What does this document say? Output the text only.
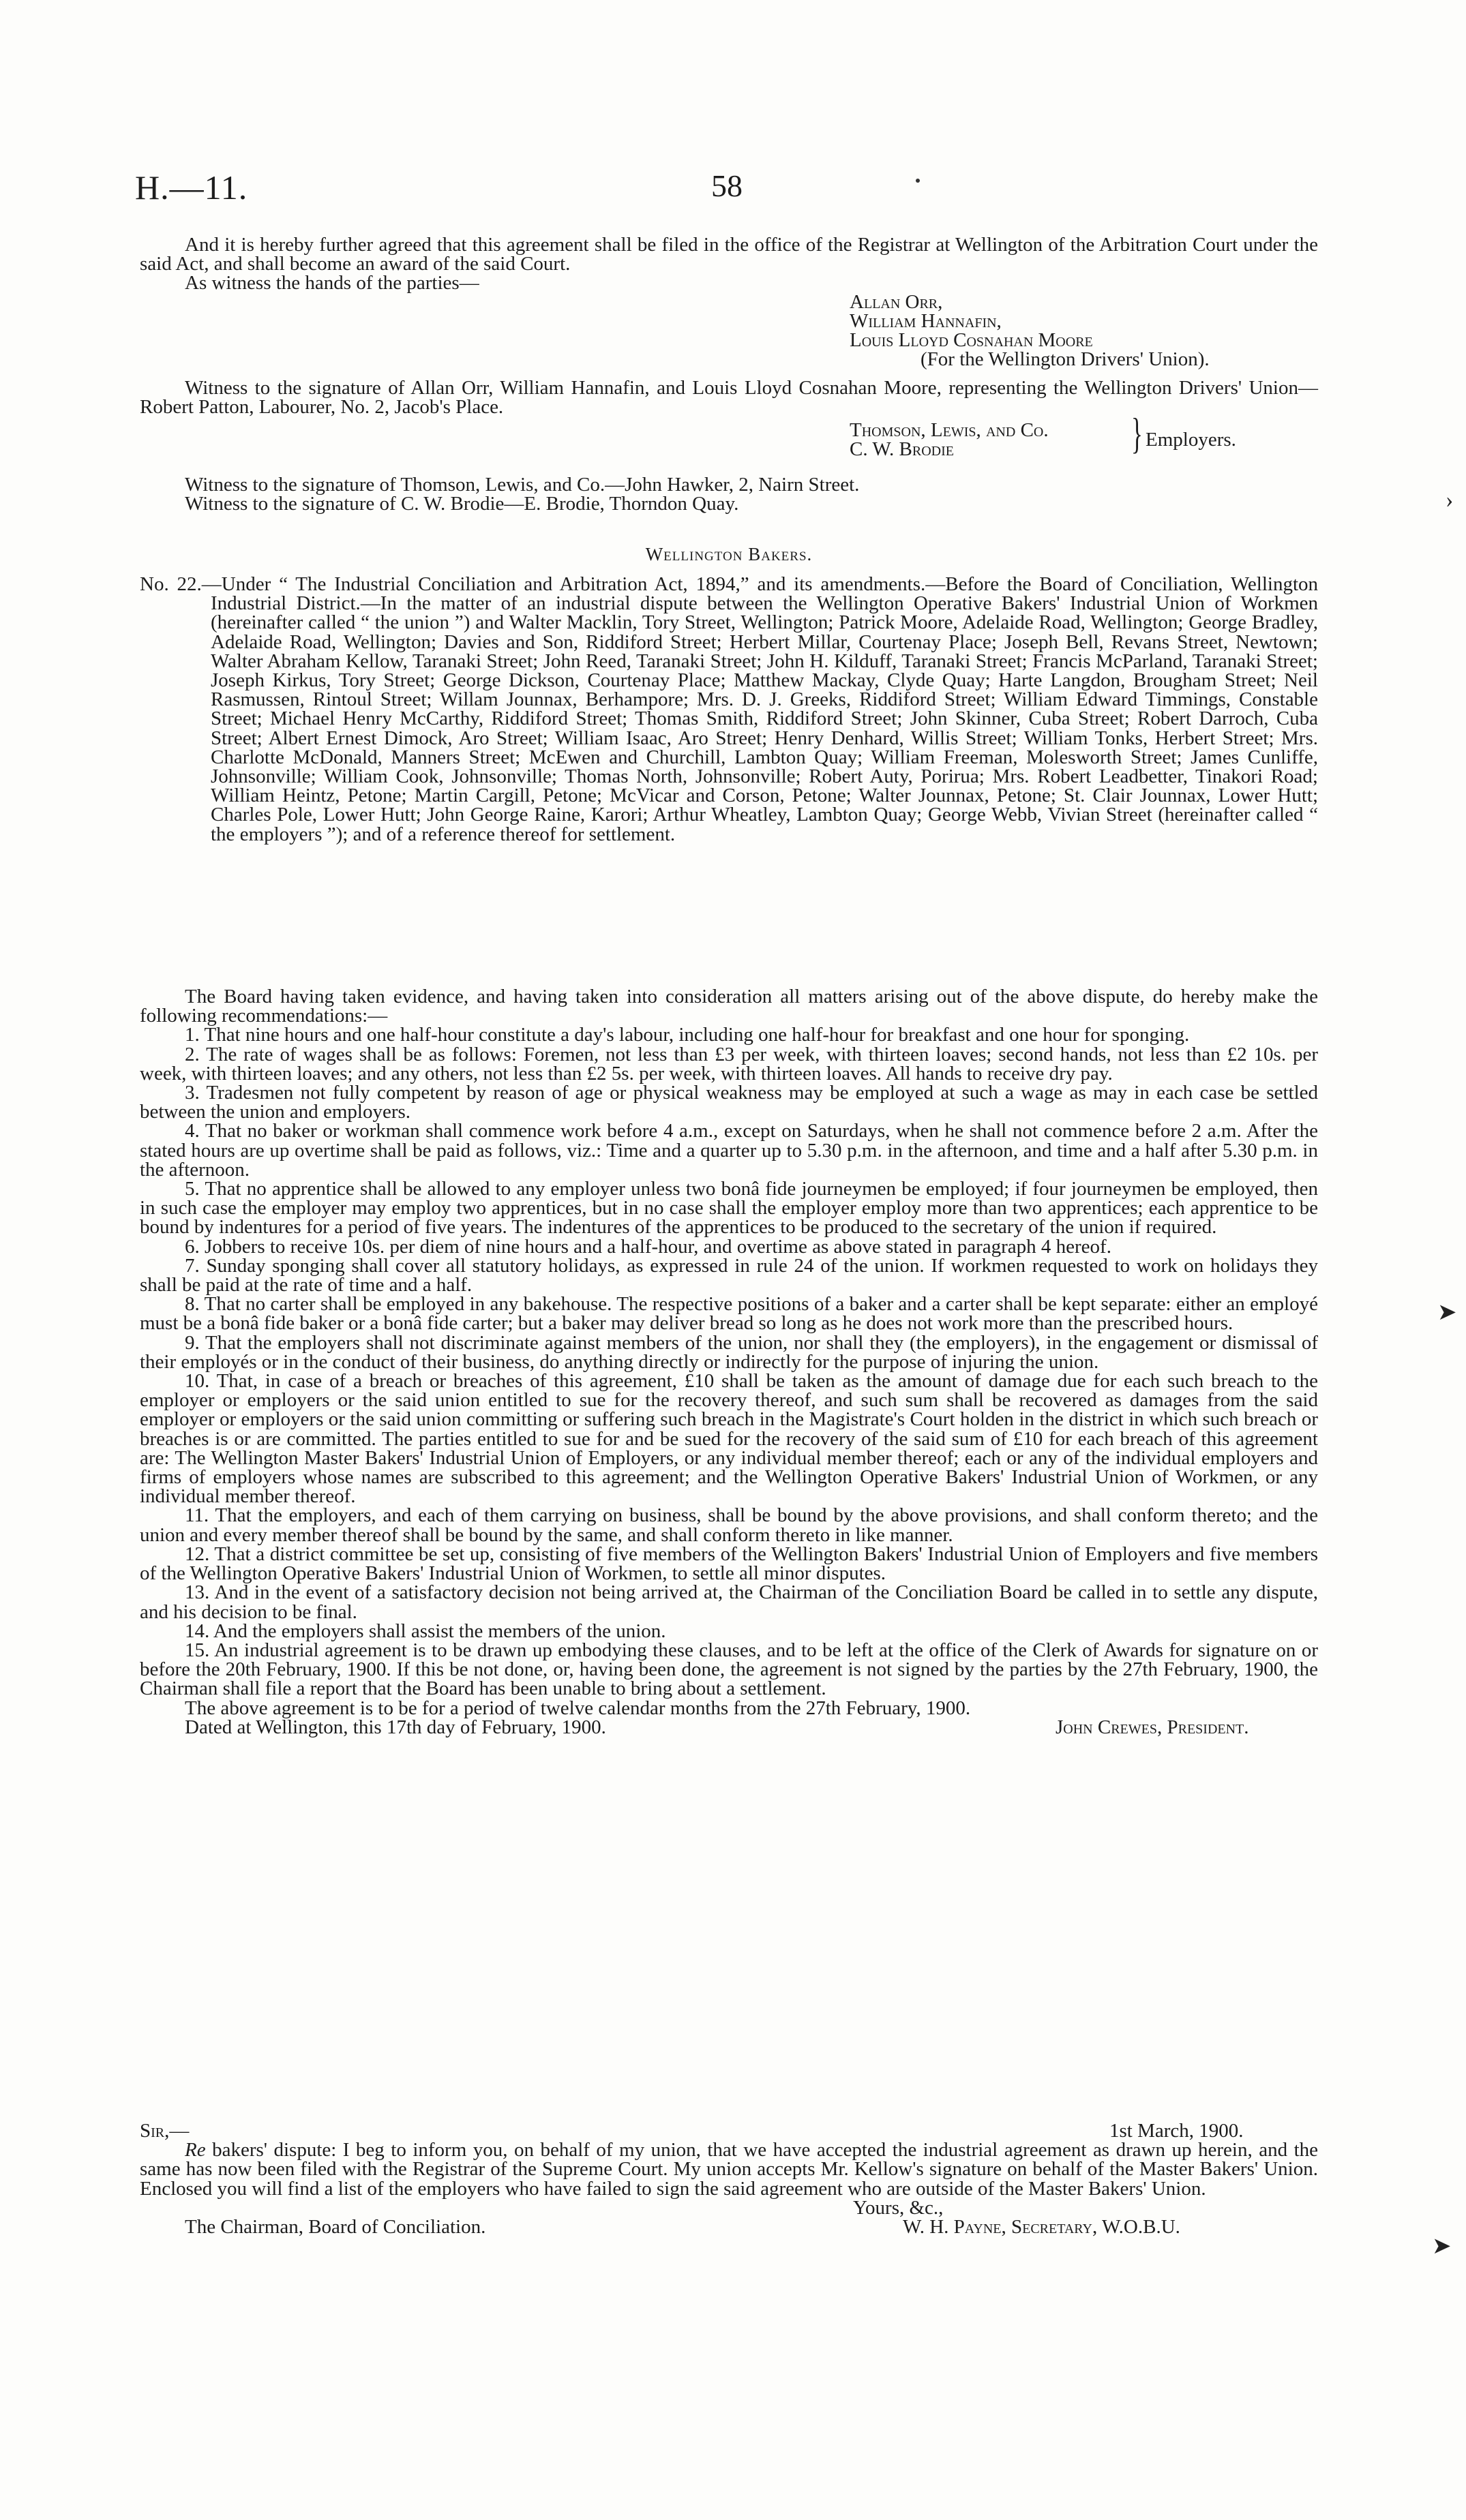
H.—11.	58

And it is hereby further agreed that this agreement shall be filed in the office of the Registrar at Wellington of the Arbitration Court under the said Act, and shall become an award of the said Court.

As witness the hands of the parties—

Allan Orr,
William Hannafin,
Louis Lloyd Cosnahan Moore
(For the Wellington Drivers' Union).

Witness to the signature of Allan Orr, William Hannafin, and Louis Lloyd Cosnahan Moore, representing the Wellington Drivers' Union—Robert Patton, Labourer, No. 2, Jacob's Place.

Thomson, Lewis, and Co.
C. W. Brodie	} Employers.

Witness to the signature of Thomson, Lewis, and Co.—John Hawker, 2, Nairn Street.

Witness to the signature of C. W. Brodie—E. Brodie, Thorndon Quay.

Wellington Bakers.

No. 22.—Under “ The Industrial Conciliation and Arbitration Act, 1894,” and its amendments.—Before the Board of Conciliation, Wellington Industrial District.—In the matter of an industrial dispute between the Wellington Operative Bakers' Industrial Union of Workmen (hereinafter called “ the union ”) and Walter Macklin, Tory Street, Wellington; Patrick Moore, Adelaide Road, Wellington; George Bradley, Adelaide Road, Wellington; Davies and Son, Riddiford Street; Herbert Millar, Courtenay Place; Joseph Bell, Revans Street, Newtown; Walter Abraham Kellow, Taranaki Street; John Reed, Taranaki Street; John H. Kilduff, Taranaki Street; Francis McParland, Taranaki Street; Joseph Kirkus, Tory Street; George Dickson, Courtenay Place; Matthew Mackay, Clyde Quay; Harte Langdon, Brougham Street; Neil Rasmussen, Rintoul Street; Willam Jounnax, Berhampore; Mrs. D. J. Greeks, Riddiford Street; William Edward Timmings, Constable Street; Michael Henry McCarthy, Riddiford Street; Thomas Smith, Riddiford Street; John Skinner, Cuba Street; Robert Darroch, Cuba Street; Albert Ernest Dimock, Aro Street; William Isaac, Aro Street; Henry Denhard, Willis Street; William Tonks, Herbert Street; Mrs. Charlotte McDonald, Manners Street; McEwen and Churchill, Lambton Quay; William Freeman, Molesworth Street; James Cunliffe, Johnsonville; William Cook, Johnsonville; Thomas North, Johnsonville; Robert Auty, Porirua; Mrs. Robert Leadbetter, Tinakori Road; William Heintz, Petone; Martin Cargill, Petone; McVicar and Corson, Petone; Walter Jounnax, Petone; St. Clair Jounnax, Lower Hutt; Charles Pole, Lower Hutt; John George Raine, Karori; Arthur Wheatley, Lambton Quay; George Webb, Vivian Street (hereinafter called “ the employers ”); and of a reference thereof for settlement.

The Board having taken evidence, and having taken into consideration all matters arising out of the above dispute, do hereby make the following recommendations:—

1. That nine hours and one half-hour constitute a day's labour, including one half-hour for breakfast and one hour for sponging.

2. The rate of wages shall be as follows: Foremen, not less than £3 per week, with thirteen loaves; second hands, not less than £2 10s. per week, with thirteen loaves; and any others, not less than £2 5s. per week, with thirteen loaves. All hands to receive dry pay.

3. Tradesmen not fully competent by reason of age or physical weakness may be employed at such a wage as may in each case be settled between the union and employers.

4. That no baker or workman shall commence work before 4 a.m., except on Saturdays, when he shall not commence before 2 a.m. After the stated hours are up overtime shall be paid as follows, viz.: Time and a quarter up to 5.30 p.m. in the afternoon, and time and a half after 5.30 p.m. in the afternoon.

5. That no apprentice shall be allowed to any employer unless two bonâ fide journeymen be employed; if four journeymen be employed, then in such case the employer may employ two apprentices, but in no case shall the employer employ more than two apprentices; each apprentice to be bound by indentures for a period of five years. The indentures of the apprentices to be produced to the secretary of the union if required.

6. Jobbers to receive 10s. per diem of nine hours and a half-hour, and overtime as above stated in paragraph 4 hereof.

7. Sunday sponging shall cover all statutory holidays, as expressed in rule 24 of the union. If workmen requested to work on holidays they shall be paid at the rate of time and a half.

8. That no carter shall be employed in any bakehouse. The respective positions of a baker and a carter shall be kept separate: either an employé must be a bonâ fide baker or a bonâ fide carter; but a baker may deliver bread so long as he does not work more than the prescribed hours.

9. That the employers shall not discriminate against members of the union, nor shall they (the employers), in the engagement or dismissal of their employés or in the conduct of their business, do anything directly or indirectly for the purpose of injuring the union.

10. That, in case of a breach or breaches of this agreement, £10 shall be taken as the amount of damage due for each such breach to the employer or employers or the said union entitled to sue for the recovery thereof, and such sum shall be recovered as damages from the said employer or employers or the said union committing or suffering such breach in the Magistrate's Court holden in the district in which such breach or breaches is or are committed. The parties entitled to sue for and be sued for the recovery of the said sum of £10 for each breach of this agreement are: The Wellington Master Bakers' Industrial Union of Employers, or any individual member thereof; each or any of the individual employers and firms of employers whose names are subscribed to this agreement; and the Wellington Operative Bakers' Industrial Union of Workmen, or any individual member thereof.

11. That the employers, and each of them carrying on business, shall be bound by the above provisions, and shall conform thereto; and the union and every member thereof shall be bound by the same, and shall conform thereto in like manner.

12. That a district committee be set up, consisting of five members of the Wellington Bakers' Industrial Union of Employers and five members of the Wellington Operative Bakers' Industrial Union of Workmen, to settle all minor disputes.

13. And in the event of a satisfactory decision not being arrived at, the Chairman of the Conciliation Board be called in to settle any dispute, and his decision to be final.

14. And the employers shall assist the members of the union.

15. An industrial agreement is to be drawn up embodying these clauses, and to be left at the office of the Clerk of Awards for signature on or before the 20th February, 1900. If this be not done, or, having been done, the agreement is not signed by the parties by the 27th February, 1900, the Chairman shall file a report that the Board has been unable to bring about a settlement.

The above agreement is to be for a period of twelve calendar months from the 27th February, 1900.

Dated at Wellington, this 17th day of February, 1900.	John Crewes, President.

Sir,—	1st March, 1900.

Re bakers' dispute: I beg to inform you, on behalf of my union, that we have accepted the industrial agreement as drawn up herein, and the same has now been filed with the Registrar of the Supreme Court. My union accepts Mr. Kellow's signature on behalf of the Master Bakers' Union. Enclosed you will find a list of the employers who have failed to sign the said agreement who are outside of the Master Bakers' Union.

Yours, &c.,

The Chairman, Board of Conciliation.	W. H. Payne, Secretary, W.O.B.U.

›
➤
➤
